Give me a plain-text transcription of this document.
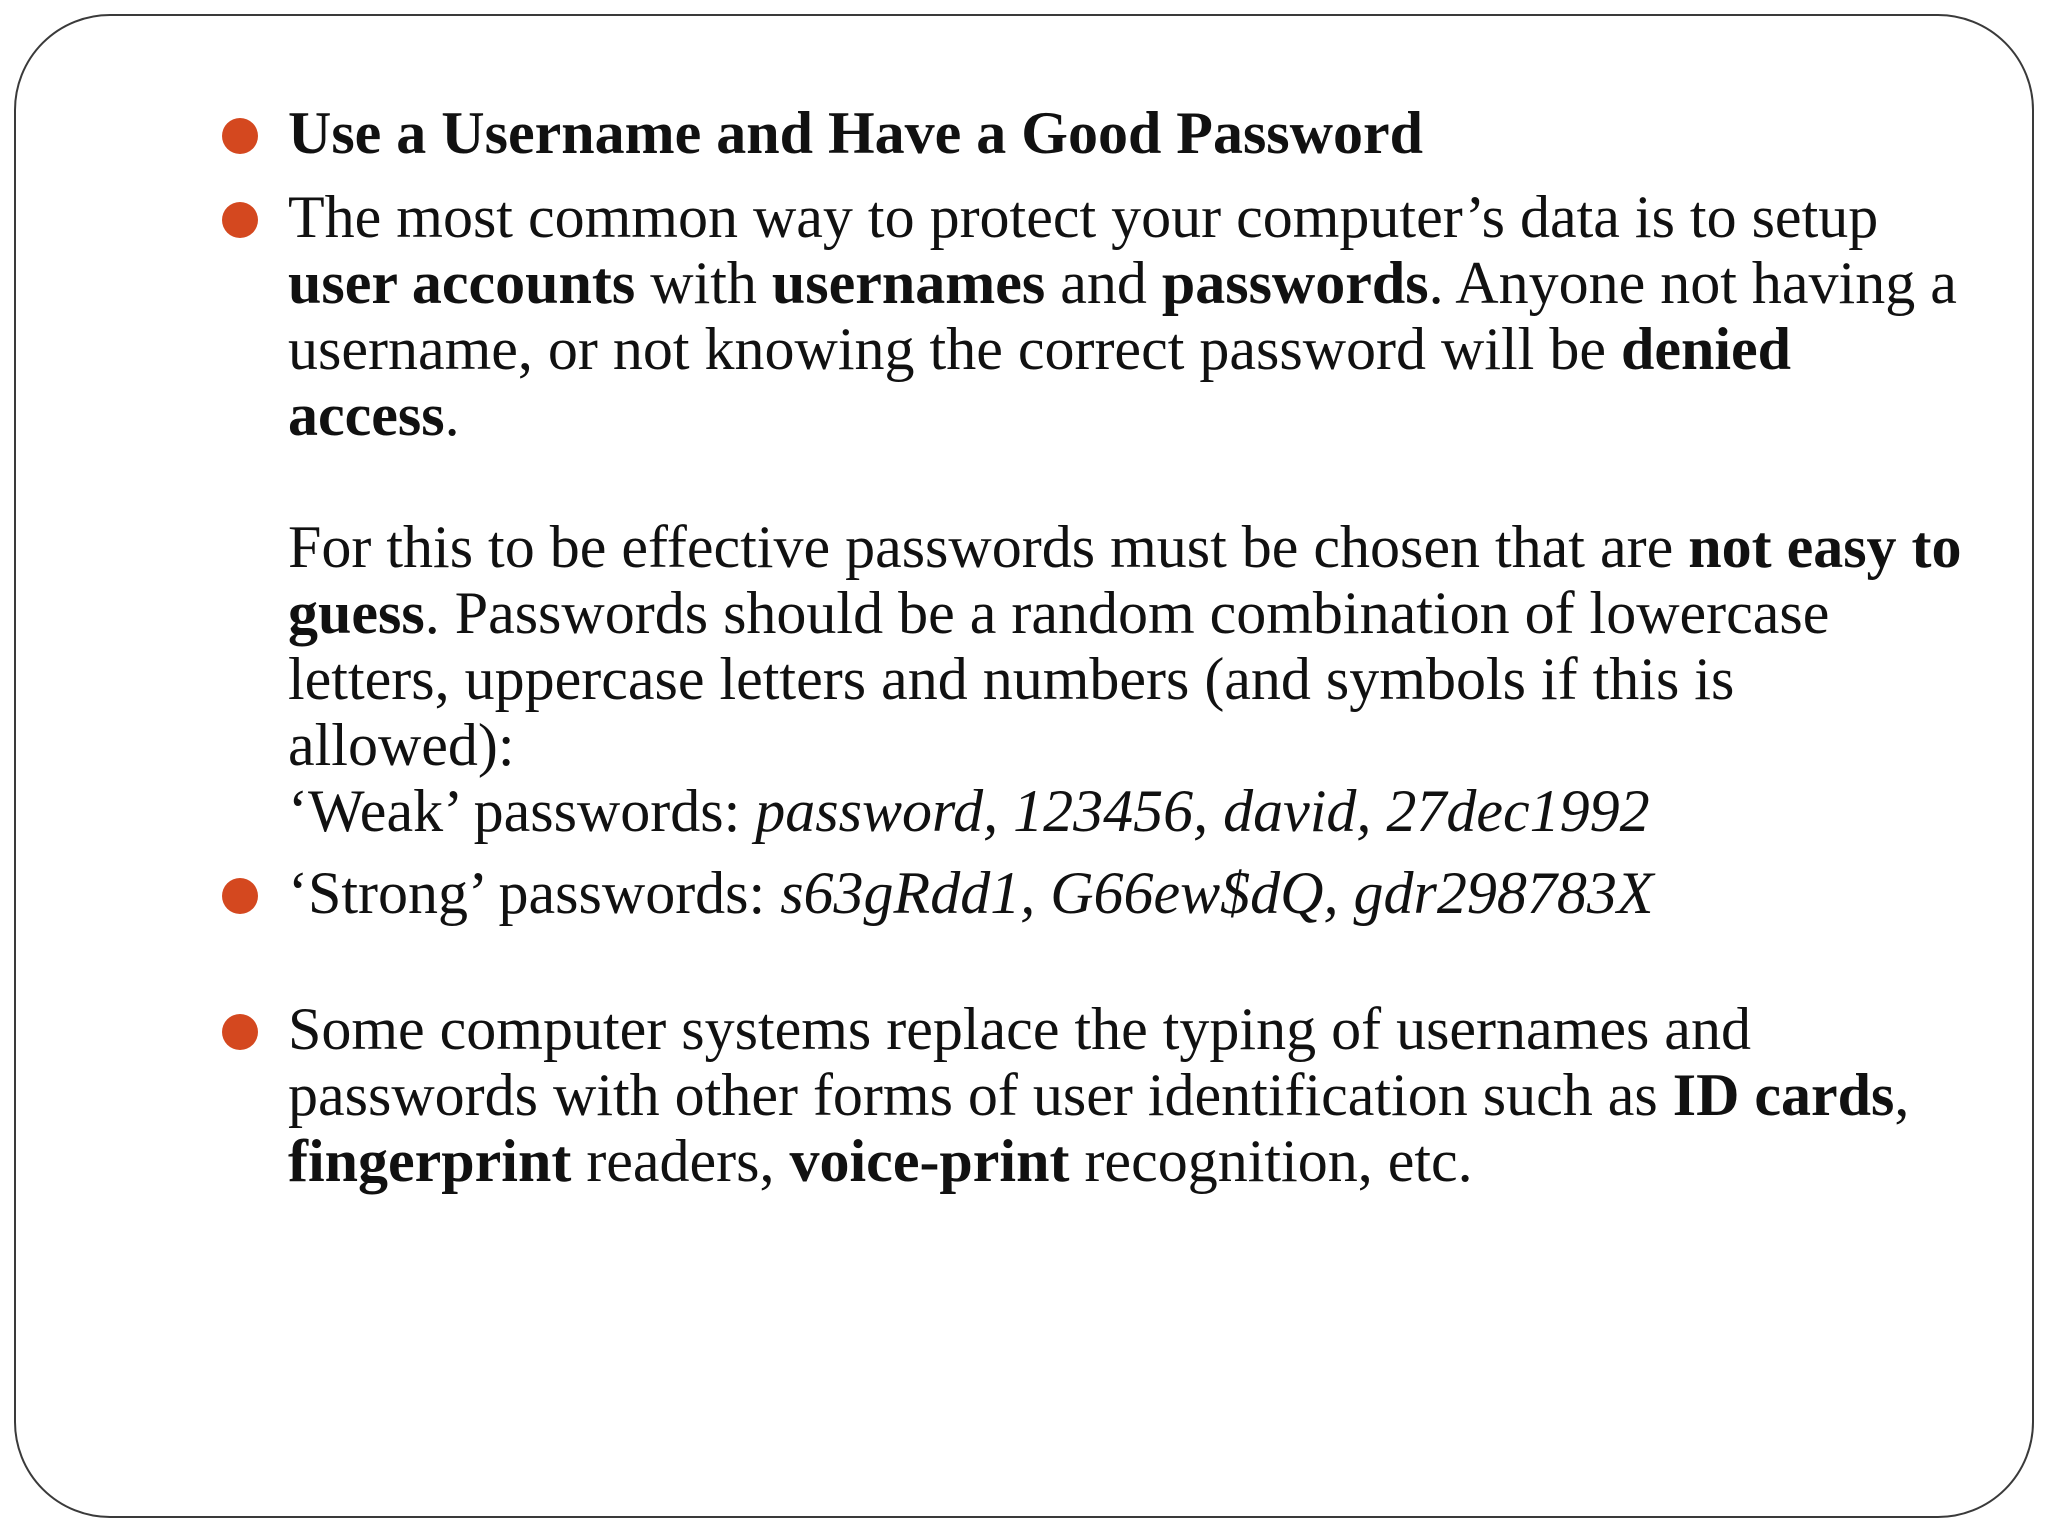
Use a Username and Have a Good Password
The most common way to protect your computer’s data is to setup user accounts with usernames and passwords. Anyone not having a username, or not knowing the correct password will be denied access.
For this to be effective passwords must be chosen that are not easy to guess. Passwords should be a random combination of lowercase letters, uppercase letters and numbers (and symbols if this is allowed):
‘Weak’ passwords: password, 123456, david, 27dec1992
‘Strong’ passwords: s63gRdd1, G66ew$dQ, gdr298783X
Some computer systems replace the typing of usernames and passwords with other forms of user identification such as ID cards, fingerprint readers, voice-print recognition, etc.
